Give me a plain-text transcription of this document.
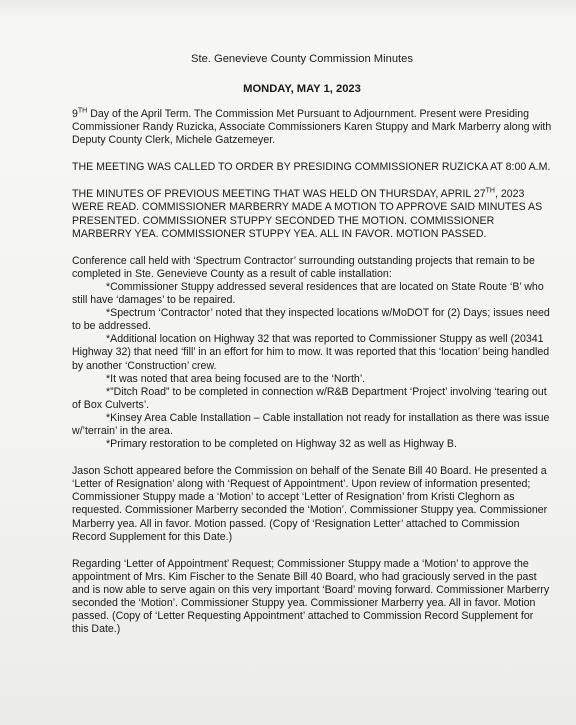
Ste. Genevieve County Commission Minutes
MONDAY, MAY 1, 2023

9TH Day of the April Term. The Commission Met Pursuant to Adjournment. Present were Presiding Commissioner Randy Ruzicka, Associate Commissioners Karen Stuppy and Mark Marberry along with Deputy County Clerk, Michele Gatzemeyer.

THE MEETING WAS CALLED TO ORDER BY PRESIDING COMMISSIONER RUZICKA AT 8:00 A.M.

THE MINUTES OF PREVIOUS MEETING THAT WAS HELD ON THURSDAY, APRIL 27TH, 2023 WERE READ. COMMISSIONER MARBERRY MADE A MOTION TO APPROVE SAID MINUTES AS PRESENTED. COMMISSIONER STUPPY SECONDED THE MOTION. COMMISSIONER MARBERRY YEA. COMMISSIONER STUPPY YEA. ALL IN FAVOR. MOTION PASSED.

Conference call held with ‘Spectrum Contractor’ surrounding outstanding projects that remain to be completed in Ste. Genevieve County as a result of cable installation:

*Commissioner Stuppy addressed several residences that are located on State Route ‘B’ who still have ‘damages’ to be repaired.

*Spectrum ‘Contractor’ noted that they inspected locations w/MoDOT for (2) Days; issues need to be addressed.

*Additional location on Highway 32 that was reported to Commissioner Stuppy as well (20341 Highway 32) that need ‘fill’ in an effort for him to mow. It was reported that this ‘location’ being handled by another ‘Construction’ crew.

*It was noted that area being focused are to the ‘North’.

*”Ditch Road” to be completed in connection w/R&B Department ‘Project’ involving ‘tearing out of Box Culverts’.

*Kinsey Area Cable Installation – Cable installation not ready for installation as there was issue w/’terrain’ in the area.

*Primary restoration to be completed on Highway 32 as well as Highway B.

Jason Schott appeared before the Commission on behalf of the Senate Bill 40 Board. He presented a ‘Letter of Resignation’ along with ‘Request of Appointment’. Upon review of information presented; Commissioner Stuppy made a ‘Motion’ to accept ‘Letter of Resignation’ from Kristi Cleghorn as requested. Commissioner Marberry seconded the ‘Motion’. Commissioner Stuppy yea. Commissioner Marberry yea. All in favor. Motion passed. (Copy of ‘Resignation Letter’ attached to Commission Record Supplement for this Date.)

Regarding ‘Letter of Appointment’ Request; Commissioner Stuppy made a ‘Motion’ to approve the appointment of Mrs. Kim Fischer to the Senate Bill 40 Board, who had graciously served in the past and is now able to serve again on this very important ‘Board’ moving forward. Commissioner Marberry seconded the ‘Motion’. Commissioner Stuppy yea. Commissioner Marberry yea. All in favor. Motion passed. (Copy of ‘Letter Requesting Appointment’ attached to Commission Record Supplement for this Date.)
